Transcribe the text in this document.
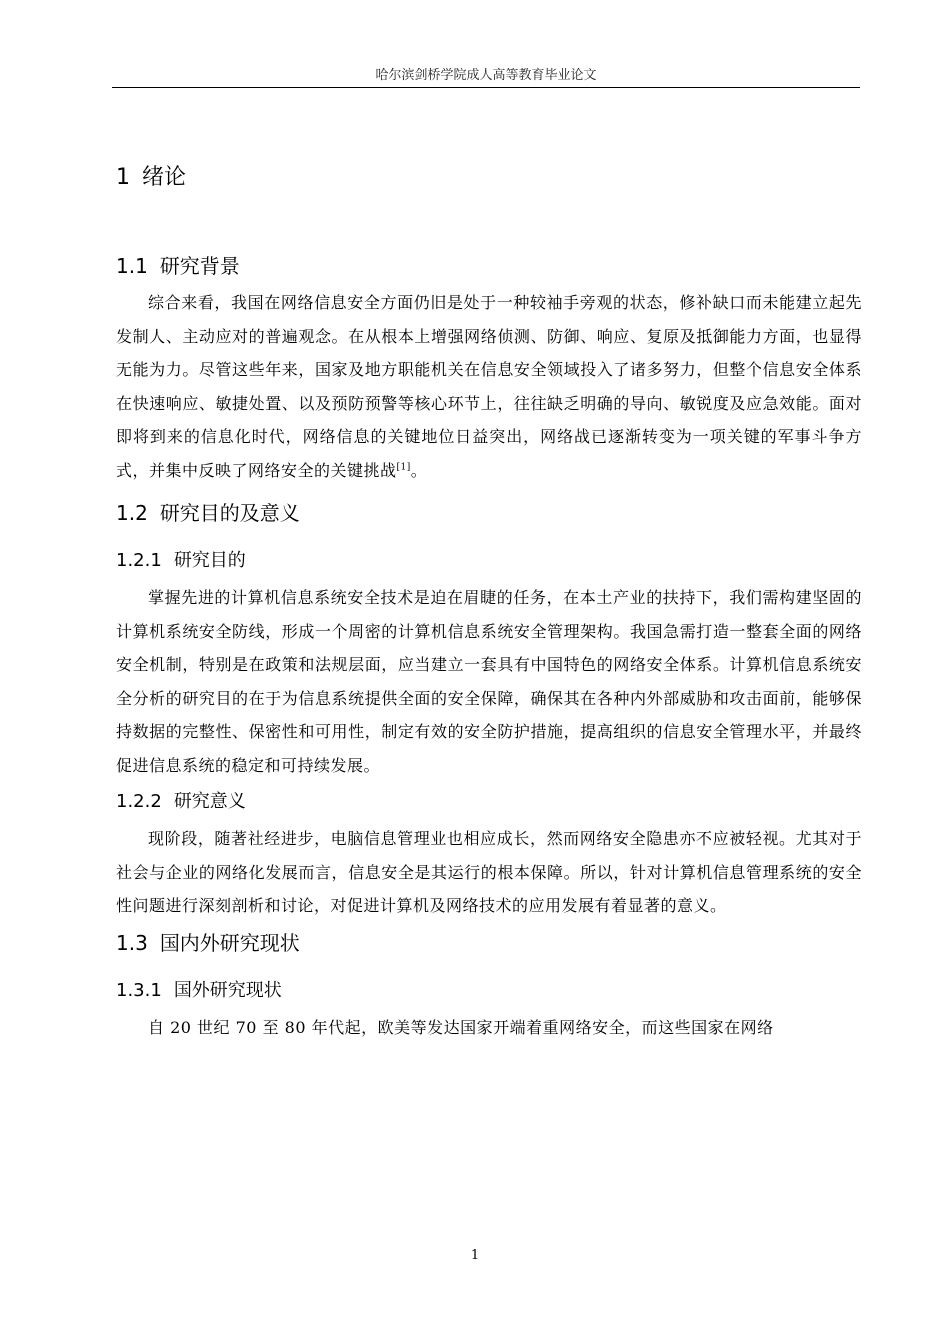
哈尔滨剑桥学院成人高等教育毕业论文
1 绪论
1.1 研究背景

综合来看，我国在网络信息安全方面仍旧是处于一种较袖手旁观的状态，修补缺口而未能建立起先发制人、主动应对的普遍观念。在从根本上增强网络侦测、防御、响应、复原及抵御能力方面，也显得无能为力。尽管这些年来，国家及地方职能机关在信息安全领域投入了诸多努力，但整个信息安全体系在快速响应、敏捷处置、以及预防预警等核心环节上，往往缺乏明确的导向、敏锐度及应急效能。面对即将到来的信息化时代，网络信息的关键地位日益突出，网络战已逐渐转变为一项关键的军事斗争方式，并集中反映了网络安全的关键挑战[1]。

1.2 研究目的及意义
1.2.1 研究目的

掌握先进的计算机信息系统安全技术是迫在眉睫的任务，在本土产业的扶持下，我们需构建坚固的计算机系统安全防线，形成一个周密的计算机信息系统安全管理架构。我国急需打造一整套全面的网络安全机制，特别是在政策和法规层面，应当建立一套具有中国特色的网络安全体系。计算机信息系统安全分析的研究目的在于为信息系统提供全面的安全保障，确保其在各种内外部威胁和攻击面前，能够保持数据的完整性、保密性和可用性，制定有效的安全防护措施，提高组织的信息安全管理水平，并最终促进信息系统的稳定和可持续发展。

1.2.2 研究意义

现阶段，随著社经进步，电脑信息管理业也相应成长，然而网络安全隐患亦不应被轻视。尤其对于社会与企业的网络化发展而言，信息安全是其运行的根本保障。所以，针对计算机信息管理系统的安全性问题进行深刻剖析和讨论，对促进计算机及网络技术的应用发展有着显著的意义。

1.3 国内外研究现状
1.3.1 国外研究现状

自 20 世纪 70 至 80 年代起，欧美等发达国家开端着重网络安全，而这些国家在网络

1
